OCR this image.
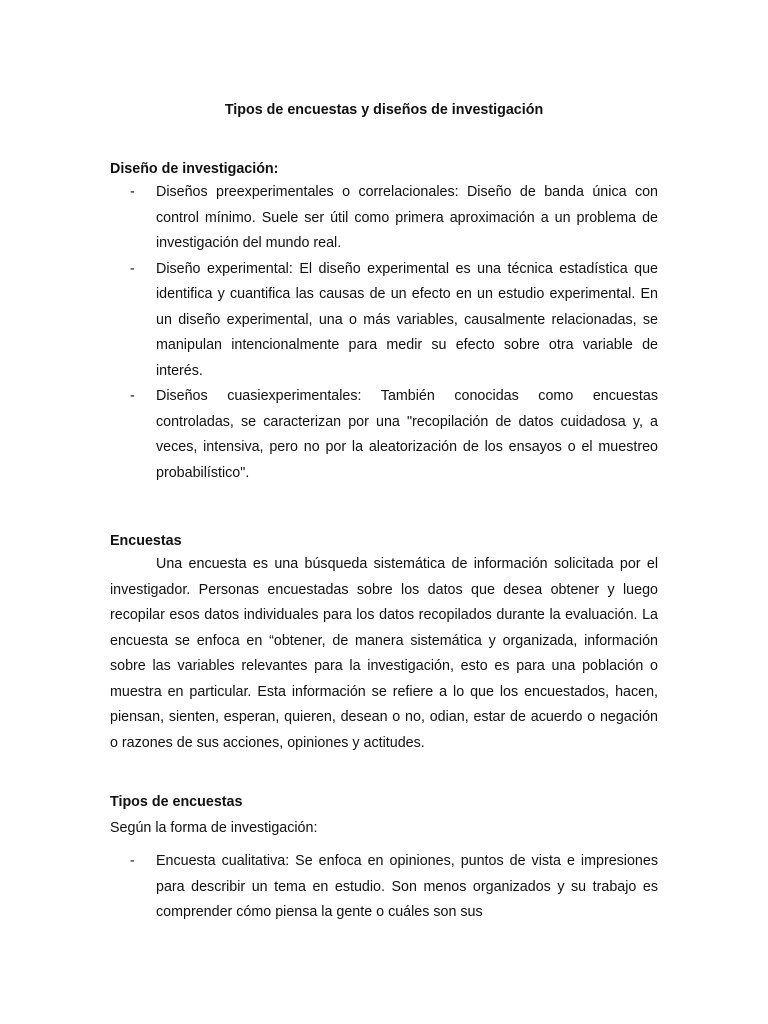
Tipos de encuestas y diseños de investigación
Diseño de investigación:
- Diseños preexperimentales o correlacionales: Diseño de banda única con control mínimo. Suele ser útil como primera aproximación a un problema de investigación del mundo real.
- Diseño experimental: El diseño experimental es una técnica estadística que identifica y cuantifica las causas de un efecto en un estudio experimental. En un diseño experimental, una o más variables, causalmente relacionadas, se manipulan intencionalmente para medir su efecto sobre otra variable de interés.
- Diseños cuasiexperimentales: También conocidas como encuestas controladas, se caracterizan por una "recopilación de datos cuidadosa y, a veces, intensiva, pero no por la aleatorización de los ensayos o el muestreo probabilístico".
Encuestas

Una encuesta es una búsqueda sistemática de información solicitada por el investigador. Personas encuestadas sobre los datos que desea obtener y luego recopilar esos datos individuales para los datos recopilados durante la evaluación. La encuesta se enfoca en “obtener, de manera sistemática y organizada, información sobre las variables relevantes para la investigación, esto es para una población o muestra en particular. Esta información se refiere a lo que los encuestados, hacen, piensan, sienten, esperan, quieren, desean o no, odian, estar de acuerdo o negación o razones de sus acciones, opiniones y actitudes.

Tipos de encuestas

Según la forma de investigación:

- Encuesta cualitativa: Se enfoca en opiniones, puntos de vista e impresiones para describir un tema en estudio. Son menos organizados y su trabajo es comprender cómo piensa la gente o cuáles son sus
